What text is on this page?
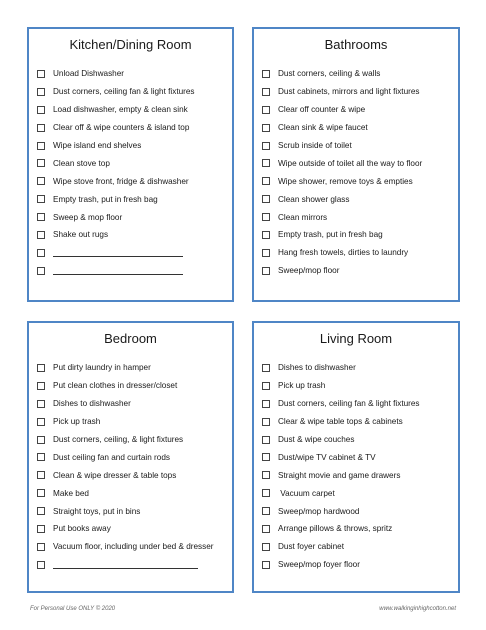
Kitchen/Dining Room
Unload Dishwasher
Dust corners, ceiling fan & light fixtures
Load dishwasher, empty & clean sink
Clear off & wipe counters & island top
Wipe island end shelves
Clean stove top
Wipe stove front, fridge & dishwasher
Empty trash, put in fresh bag
Sweep & mop floor
Shake out rugs
Bathrooms
Dust corners, ceiling & walls
Dust cabinets, mirrors and light fixtures
Clear off counter & wipe
Clean sink & wipe faucet
Scrub inside of toilet
Wipe outside of toilet all the way to floor
Wipe shower, remove toys & empties
Clean shower glass
Clean mirrors
Empty trash, put in fresh bag
Hang fresh towels, dirties to laundry
Sweep/mop floor
Bedroom
Put dirty laundry in hamper
Put clean clothes in dresser/closet
Dishes to dishwasher
Pick up trash
Dust corners, ceiling, & light fixtures
Dust ceiling fan and curtain rods
Clean & wipe dresser & table tops
Make bed
Straight toys, put in bins
Put books away
Vacuum floor, including under bed & dresser
Living Room
Dishes to dishwasher
Pick up trash
Dust corners, ceiling fan & light fixtures
Clear & wipe table tops & cabinets
Dust & wipe couches
Dust/wipe TV cabinet & TV
Straight movie and game drawers
Vacuum carpet
Sweep/mop hardwood
Arrange pillows & throws, spritz
Dust foyer cabinet
Sweep/mop foyer floor
For Personal Use ONLY © 2020	www.walkinginhighcotton.net
